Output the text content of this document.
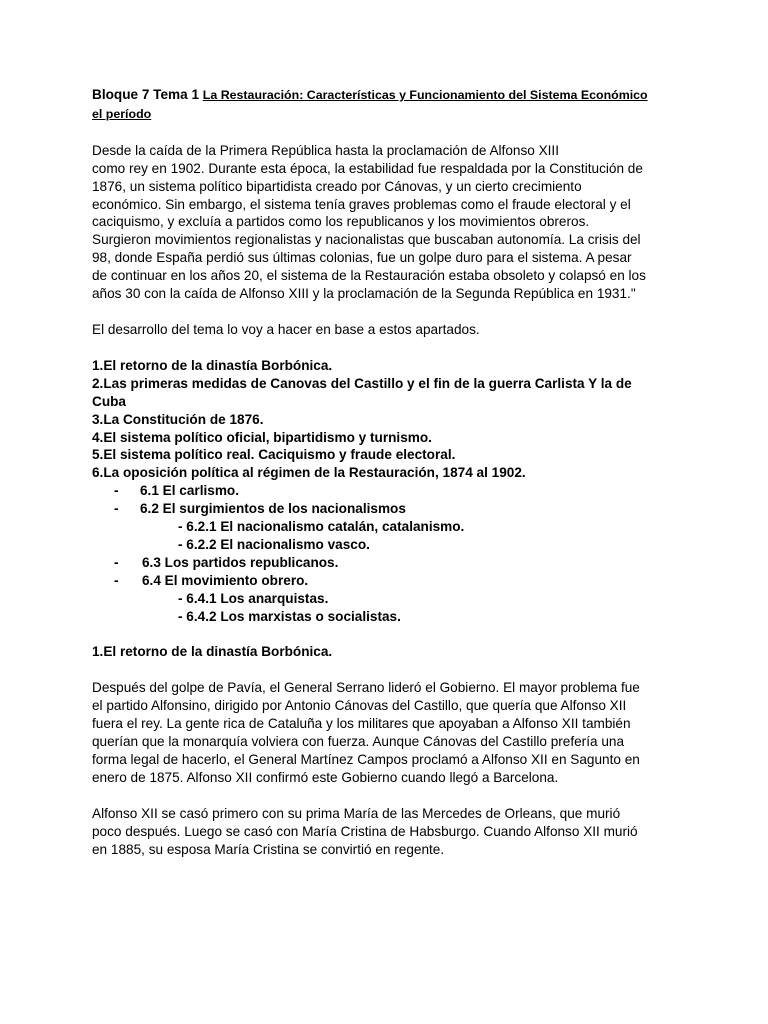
Bloque 7 Tema 1 La Restauración: Características y Funcionamiento del Sistema Económico
el período

Desde la caída de la Primera República hasta la proclamación de Alfonso XIII

como rey en 1902. Durante esta época, la estabilidad fue respaldada por la Constitución de

1876, un sistema político bipartidista creado por Cánovas, y un cierto crecimiento

económico. Sin embargo, el sistema tenía graves problemas como el fraude electoral y el

caciquismo, y excluía a partidos como los republicanos y los movimientos obreros.

Surgieron movimientos regionalistas y nacionalistas que buscaban autonomía. La crisis del

98, donde España perdió sus últimas colonias, fue un golpe duro para el sistema. A pesar

de continuar en los años 20, el sistema de la Restauración estaba obsoleto y colapsó en los

años 30 con la caída de Alfonso XIII y la proclamación de la Segunda República en 1931."

El desarrollo del tema lo voy a hacer en base a estos apartados.

1.El retorno de la dinastía Borbónica.

2.Las primeras medidas de Canovas del Castillo y el fin de la guerra Carlista Y la de

Cuba

3.La Constitución de 1876.

4.El sistema político oficial, bipartidismo y turnismo.

5.El sistema político real. Caciquismo y fraude electoral.

6.La oposición política al régimen de la Restauración, 1874 al 1902.

- 6.1 El carlismo.

- 6.2 El surgimientos de los nacionalismos

- 6.2.1 El nacionalismo catalán, catalanismo.

- 6.2.2 El nacionalismo vasco.

- 6.3 Los partidos republicanos.

- 6.4 El movimiento obrero.

- 6.4.1 Los anarquistas.

- 6.4.2 Los marxistas o socialistas.

1.El retorno de la dinastía Borbónica.

Después del golpe de Pavía, el General Serrano lideró el Gobierno. El mayor problema fue

el partido Alfonsino, dirigido por Antonio Cánovas del Castillo, que quería que Alfonso XII

fuera el rey. La gente rica de Cataluña y los militares que apoyaban a Alfonso XII también

querían que la monarquía volviera con fuerza. Aunque Cánovas del Castillo prefería una

forma legal de hacerlo, el General Martínez Campos proclamó a Alfonso XII en Sagunto en

enero de 1875. Alfonso XII confirmó este Gobierno cuando llegó a Barcelona.

Alfonso XII se casó primero con su prima María de las Mercedes de Orleans, que murió

poco después. Luego se casó con María Cristina de Habsburgo. Cuando Alfonso XII murió

en 1885, su esposa María Cristina se convirtió en regente.
